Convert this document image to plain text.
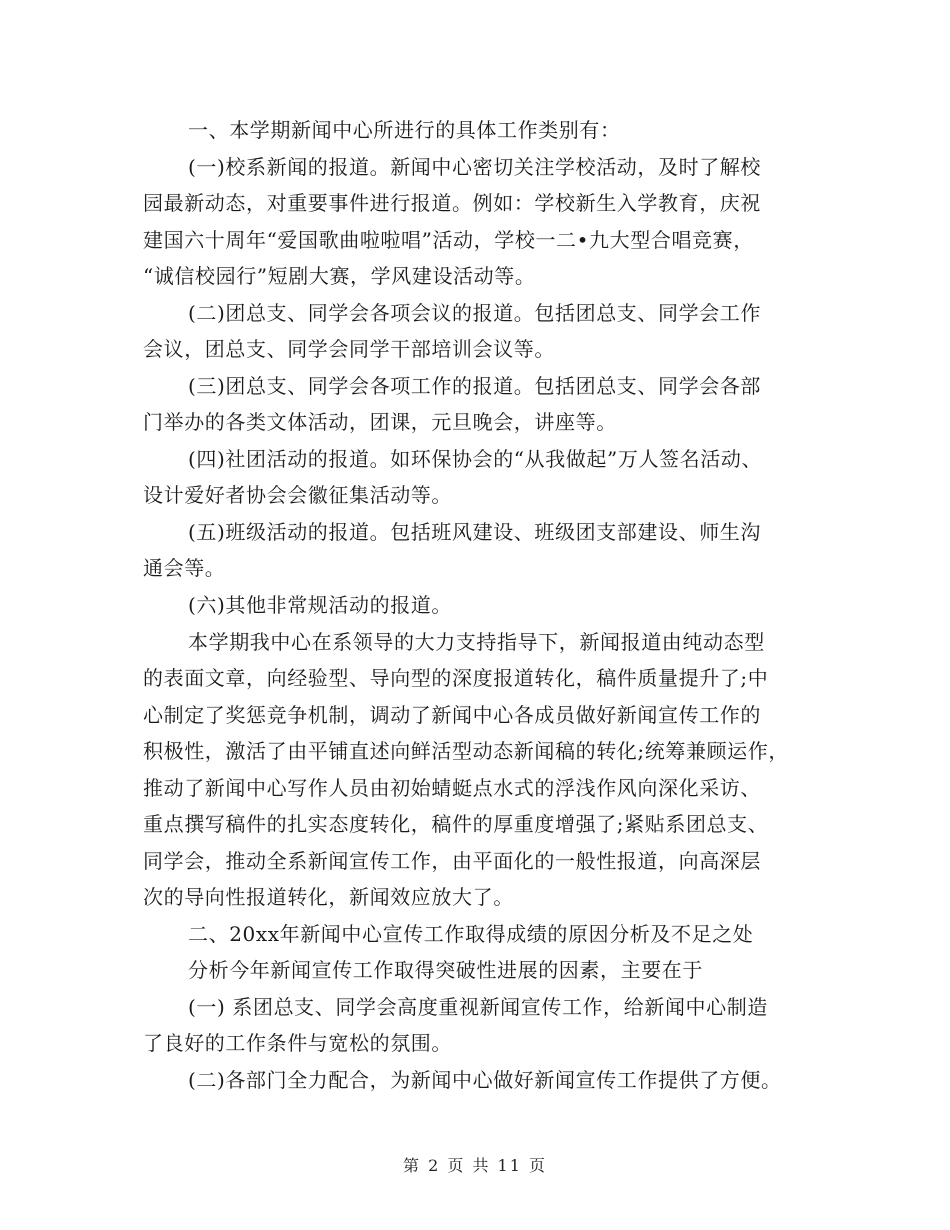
一、本学期新闻中心所进行的具体工作类别有：
(一)校系新闻的报道。新闻中心密切关注学校活动，及时了解校
园最新动态，对重要事件进行报道。例如：学校新生入学教育，庆祝
建国六十周年“爱国歌曲啦啦唱”活动，学校一二•九大型合唱竞赛，
“诚信校园行”短剧大赛，学风建设活动等。
(二)团总支、同学会各项会议的报道。包括团总支、同学会工作
会议，团总支、同学会同学干部培训会议等。
(三)团总支、同学会各项工作的报道。包括团总支、同学会各部
门举办的各类文体活动，团课，元旦晚会，讲座等。
(四)社团活动的报道。如环保协会的“从我做起”万人签名活动、
设计爱好者协会会徽征集活动等。
(五)班级活动的报道。包括班风建设、班级团支部建设、师生沟
通会等。
(六)其他非常规活动的报道。
本学期我中心在系领导的大力支持指导下，新闻报道由纯动态型
的表面文章，向经验型、导向型的深度报道转化，稿件质量提升了;中
心制定了奖惩竞争机制，调动了新闻中心各成员做好新闻宣传工作的
积极性，激活了由平铺直述向鲜活型动态新闻稿的转化;统筹兼顾运作，
推动了新闻中心写作人员由初始蜻蜓点水式的浮浅作风向深化采访、
重点撰写稿件的扎实态度转化，稿件的厚重度增强了;紧贴系团总支、
同学会，推动全系新闻宣传工作，由平面化的一般性报道，向高深层
次的导向性报道转化，新闻效应放大了。
二、20xx年新闻中心宣传工作取得成绩的原因分析及不足之处
分析今年新闻宣传工作取得突破性进展的因素，主要在于
(一) 系团总支、同学会高度重视新闻宣传工作，给新闻中心制造
了良好的工作条件与宽松的氛围。
(二)各部门全力配合，为新闻中心做好新闻宣传工作提供了方便。
第 2 页 共 11 页
